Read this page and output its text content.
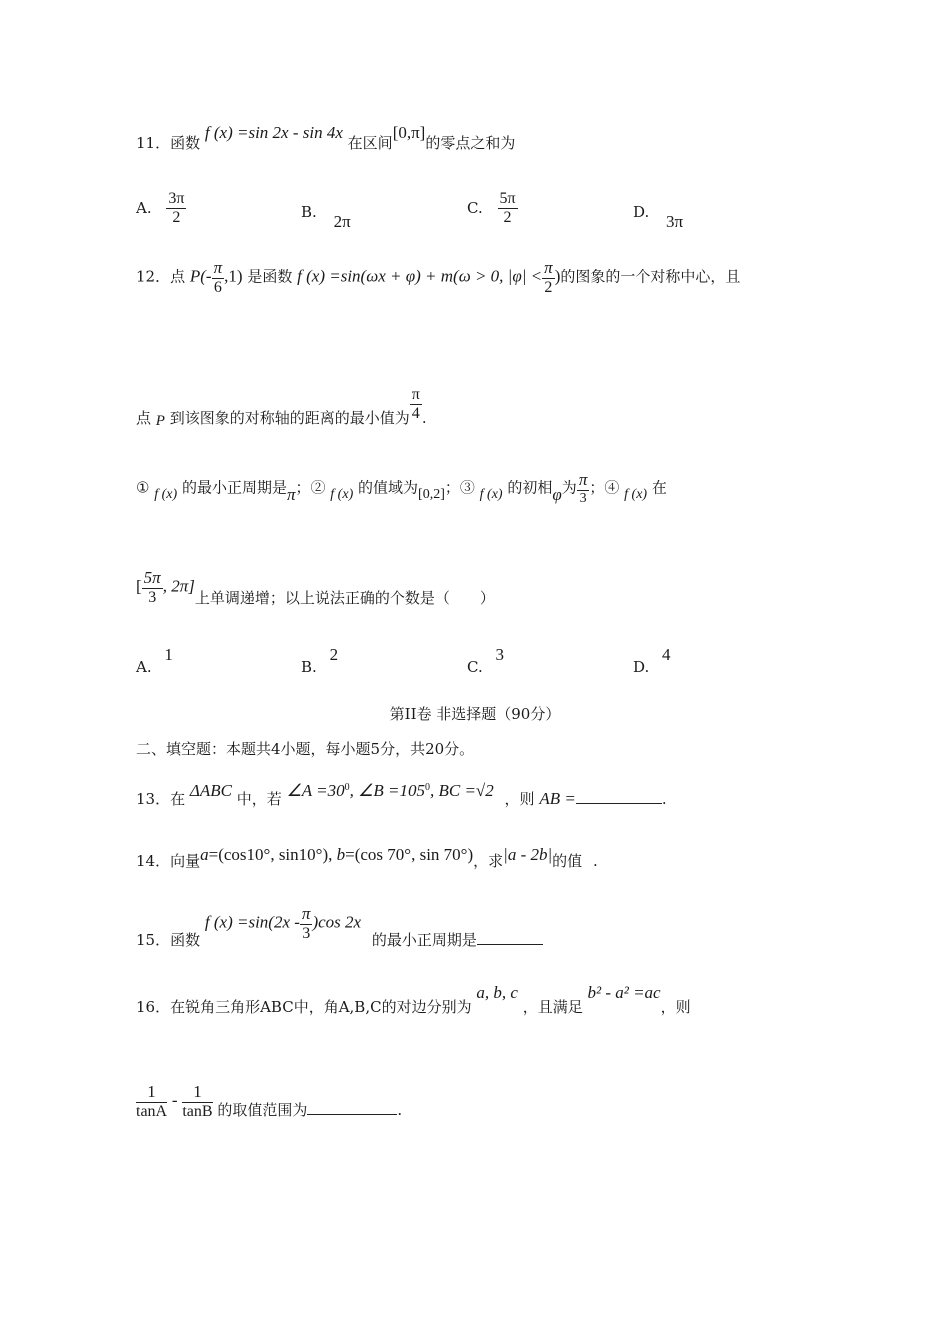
11．函数 f (x) =sin 2x - sin 4x 在区间[0,π]的零点之和为
A. $\frac{3\pi}{2}$	B. 2π
C. $\frac{5\pi}{2}$	D. 3π
12．点 $P(- \frac{\pi}{6} ,1)$ 是函数 f (x) =sin(ωx + φ) + m(ω > 0, $|\varphi| < \frac{\pi}{2}$ )的图象的一个对称中心，且
点 P 到该图象的对称轴的距离的最小值为 $\frac{\pi}{4}$ .
① f (x) 的最小正周期是π；② f (x) 的值域为[0,2]；③ f (x) 的初相φ为 $\frac{\pi}{3}$ ；④ f (x) 在
[ $\frac{5\pi}{3}$ , 2π]上单调递增；以上说法正确的个数是（　　）
A. 1
B. 2
C. 3
D. 4
第II卷 非选择题（90分）
二、填空题：本题共4小题，每小题5分，共20分。
13．在 ΔABC 中，若 ∠A $=30^0$, ∠B $=105^0$, BC =√2 ，则 AB =	.
14．向量a=(cos10°, sin10°), b=(cos 70°, sin 70°)，求|a - 2b|的值 .
15．函数 f $(x) =\sin(2x - \frac{\pi}{3} )\cos$ 2x 的最小正周期是
16．在锐角三角形ABC中，角A,B,C的对边分别为 a, b, c ，且满足 b² - a² =ac，则
$\frac{1}{\tan A} - \frac{1}{\tan B}$ 的取值范围为	.
